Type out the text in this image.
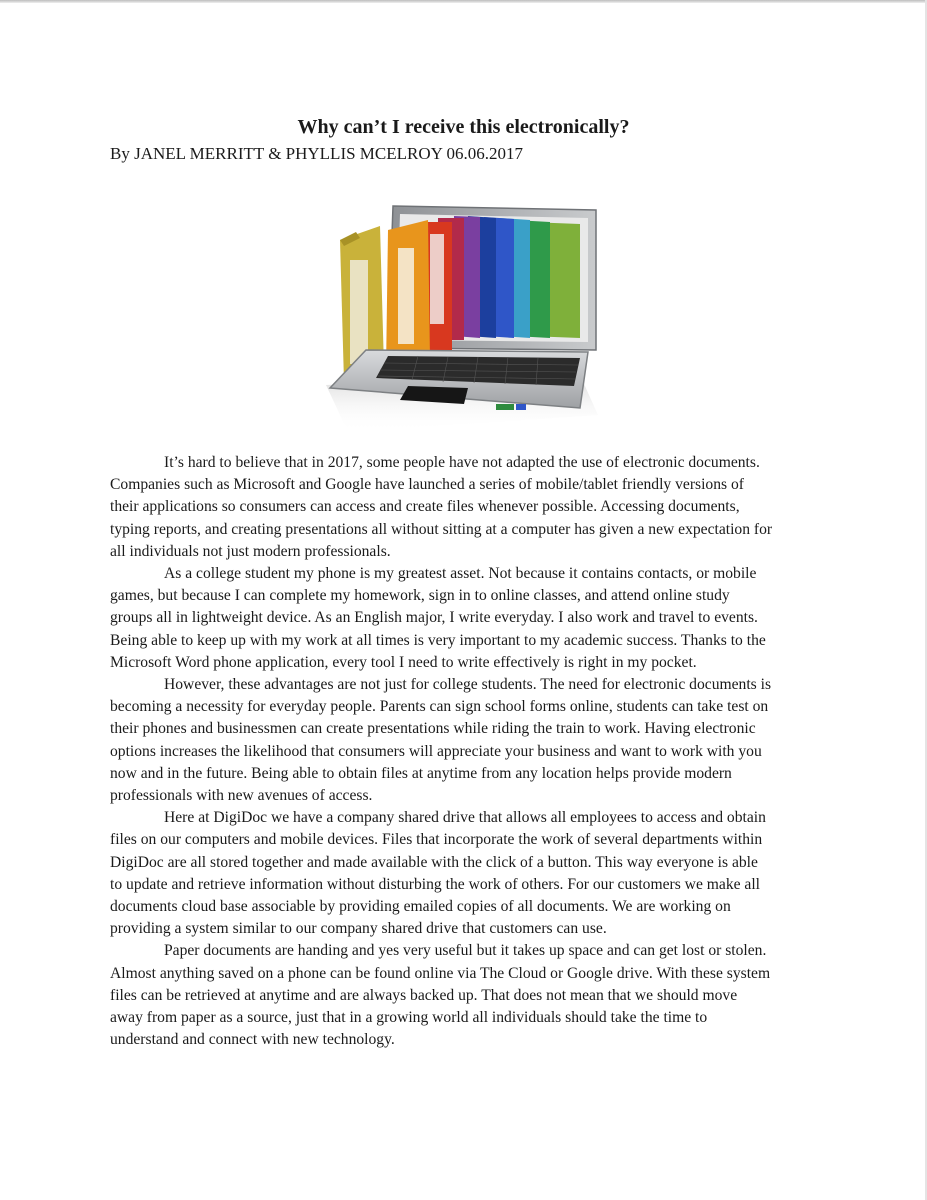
Why can’t I receive this electronically?

By JANEL MERRITT & PHYLLIS MCELROY 06.06.2017

It’s hard to believe that in 2017, some people have not adapted the use of electronic documents.
Companies such as Microsoft and Google have launched a series of mobile/tablet friendly versions of
their applications so consumers can access and create files whenever possible. Accessing documents,
typing reports, and creating presentations all without sitting at a computer has given a new expectation for
all individuals not just modern professionals.

As a college student my phone is my greatest asset. Not because it contains contacts, or mobile
games, but because I can complete my homework, sign in to online classes, and attend online study
groups all in lightweight device. As an English major, I write everyday. I also work and travel to events.
Being able to keep up with my work at all times is very important to my academic success. Thanks to the
Microsoft Word phone application, every tool I need to write effectively is right in my pocket.

However, these advantages are not just for college students. The need for electronic documents is
becoming a necessity for everyday people. Parents can sign school forms online, students can take test on
their phones and businessmen can create presentations while riding the train to work. Having electronic
options increases the likelihood that consumers will appreciate your business and want to work with you
now and in the future. Being able to obtain files at anytime from any location helps provide modern
professionals with new avenues of access.

Here at DigiDoc we have a company shared drive that allows all employees to access and obtain
files on our computers and mobile devices. Files that incorporate the work of several departments within
DigiDoc are all stored together and made available with the click of a button. This way everyone is able
to update and retrieve information without disturbing the work of others. For our customers we make all
documents cloud base associable by providing emailed copies of all documents. We are working on
providing a system similar to our company shared drive that customers can use.

Paper documents are handing and yes very useful but it takes up space and can get lost or stolen.
Almost anything saved on a phone can be found online via The Cloud or Google drive. With these system
files can be retrieved at anytime and are always backed up. That does not mean that we should move
away from paper as a source, just that in a growing world all individuals should take the time to
understand and connect with new technology.
